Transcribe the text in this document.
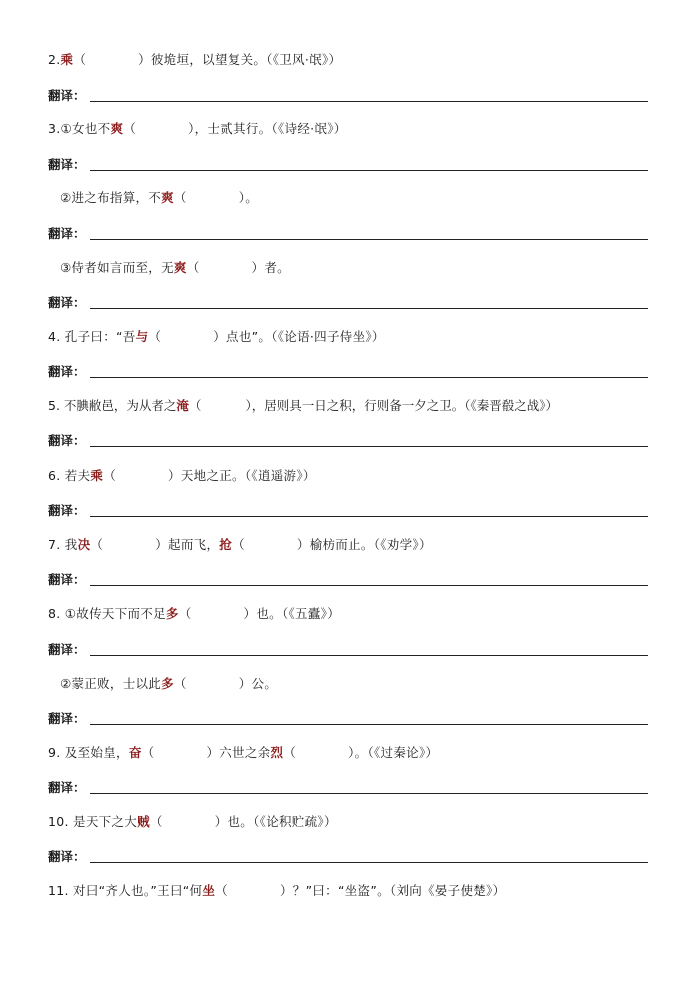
2.乘（	）彼垝垣，以望复关。（《卫风·氓》）
翻译：
3.①女也不爽（	），士贰其行。（《诗经·氓》）
翻译：
②进之布指算，不爽（	）。
翻译：
③侍者如言而至，无爽（	）者。
翻译：
4. 孔子曰：“吾与（	）点也”。（《论语·四子侍坐》）
翻译：
5. 不腆敝邑，为从者之淹（	），居则具一日之积，行则备一夕之卫。（《秦晋殽之战》）
翻译：
6. 若夫乘（	）天地之正。（《逍遥游》）
翻译：
7. 我决（	）起而飞，抢（	）榆枋而止。（《劝学》）
翻译：
8. ①故传天下而不足多（	）也。（《五蠹》）
翻译：
②蒙正败，士以此多（	）公。
翻译：
9. 及至始皇，奋（	）六世之余烈（	）。（《过秦论》）
翻译：
10. 是天下之大贼（	）也。（《论积贮疏》）
翻译：
11. 对曰“齐人也。”王曰“何坐（	）？”曰：“坐盗”。（刘向《晏子使楚》）
